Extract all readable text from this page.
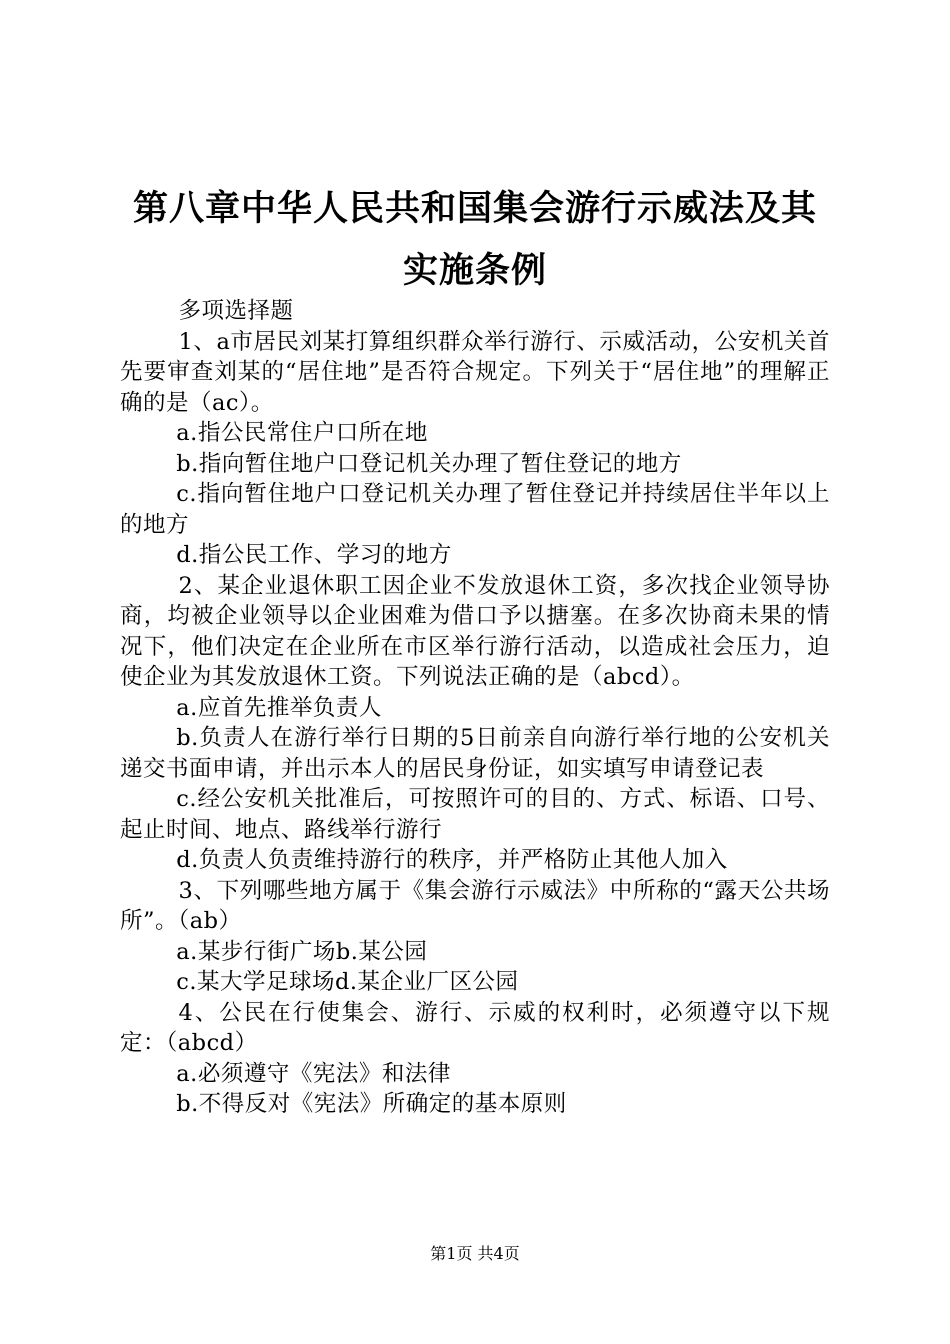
第八章中华人民共和国集会游行示威法及其实施条例

多项选择题

1、a市居民刘某打算组织群众举行游行、示威活动，公安机关首先要审查刘某的“居住地”是否符合规定。下列关于“居住地”的理解正确的是（ac）。

a.指公民常住户口所在地

b.指向暂住地户口登记机关办理了暂住登记的地方

c.指向暂住地户口登记机关办理了暂住登记并持续居住半年以上的地方

d.指公民工作、学习的地方

2、某企业退休职工因企业不发放退休工资，多次找企业领导协商，均被企业领导以企业困难为借口予以搪塞。在多次协商未果的情况下，他们决定在企业所在市区举行游行活动，以造成社会压力，迫使企业为其发放退休工资。下列说法正确的是（abcd）。

a.应首先推举负责人

b.负责人在游行举行日期的5日前亲自向游行举行地的公安机关递交书面申请，并出示本人的居民身份证，如实填写申请登记表

c.经公安机关批准后，可按照许可的目的、方式、标语、口号、起止时间、地点、路线举行游行

d.负责人负责维持游行的秩序，并严格防止其他人加入

3、下列哪些地方属于《集会游行示威法》中所称的“露天公共场所”。（ab）

a.某步行街广场b.某公园

c.某大学足球场d.某企业厂区公园

4、公民在行使集会、游行、示威的权利时，必须遵守以下规定：（abcd）

a.必须遵守《宪法》和法律

b.不得反对《宪法》所确定的基本原则

第1页 共4页
